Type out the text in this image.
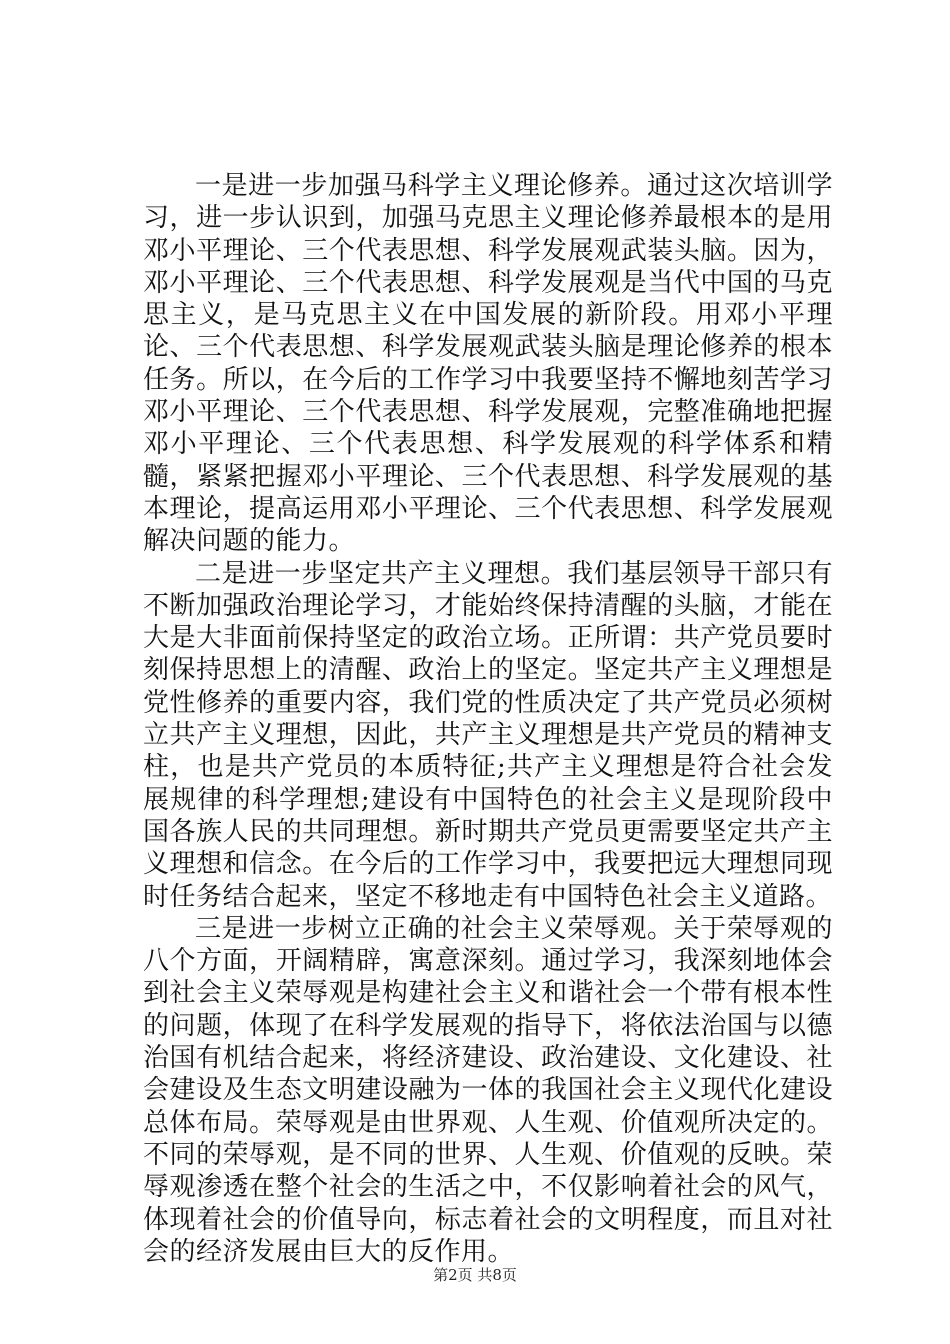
一是进一步加强马科学主义理论修养。通过这次培训学习，进一步认识到，加强马克思主义理论修养最根本的是用邓小平理论、三个代表思想、科学发展观武装头脑。因为，邓小平理论、三个代表思想、科学发展观是当代中国的马克思主义，是马克思主义在中国发展的新阶段。用邓小平理论、三个代表思想、科学发展观武装头脑是理论修养的根本任务。所以，在今后的工作学习中我要坚持不懈地刻苦学习邓小平理论、三个代表思想、科学发展观，完整准确地把握邓小平理论、三个代表思想、科学发展观的科学体系和精髓，紧紧把握邓小平理论、三个代表思想、科学发展观的基本理论，提高运用邓小平理论、三个代表思想、科学发展观解决问题的能力。

二是进一步坚定共产主义理想。我们基层领导干部只有不断加强政治理论学习，才能始终保持清醒的头脑，才能在大是大非面前保持坚定的政治立场。正所谓：共产党员要时刻保持思想上的清醒、政治上的坚定。坚定共产主义理想是党性修养的重要内容，我们党的性质决定了共产党员必须树立共产主义理想，因此，共产主义理想是共产党员的精神支柱，也是共产党员的本质特征;共产主义理想是符合社会发展规律的科学理想;建设有中国特色的社会主义是现阶段中国各族人民的共同理想。新时期共产党员更需要坚定共产主义理想和信念。在今后的工作学习中，我要把远大理想同现时任务结合起来，坚定不移地走有中国特色社会主义道路。

三是进一步树立正确的社会主义荣辱观。关于荣辱观的八个方面，开阔精辟，寓意深刻。通过学习，我深刻地体会到社会主义荣辱观是构建社会主义和谐社会一个带有根本性的问题，体现了在科学发展观的指导下，将依法治国与以德治国有机结合起来，将经济建设、政治建设、文化建设、社会建设及生态文明建设融为一体的我国社会主义现代化建设总体布局。荣辱观是由世界观、人生观、价值观所决定的。不同的荣辱观，是不同的世界、人生观、价值观的反映。荣辱观渗透在整个社会的生活之中，不仅影响着社会的风气，体现着社会的价值导向，标志着社会的文明程度，而且对社会的经济发展由巨大的反作用。

第2页 共8页
